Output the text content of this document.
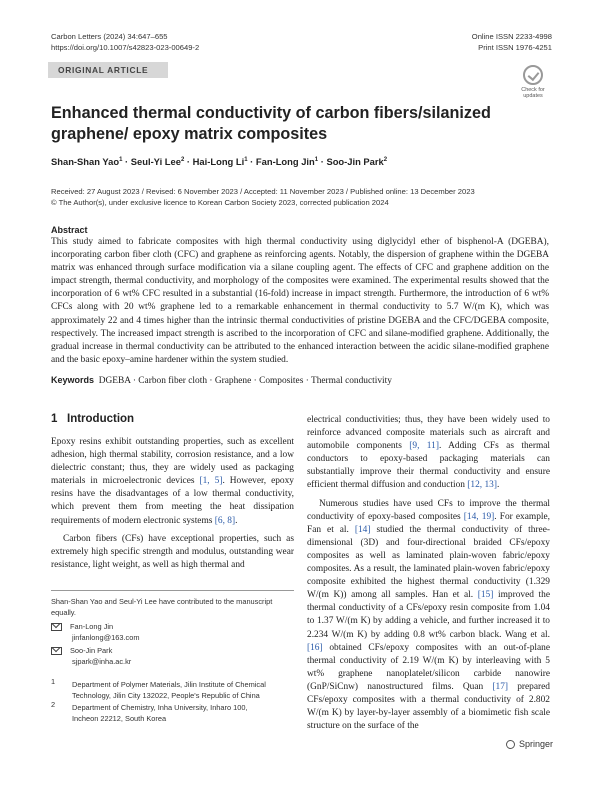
Carbon Letters (2024) 34:647–655
https://doi.org/10.1007/s42823-023-00649-2
Online ISSN 2233-4998
Print ISSN 1976-4251
ORIGINAL ARTICLE
Check for
updates
Enhanced thermal conductivity of carbon fibers/silanized graphene/ epoxy matrix composites
Shan-Shan Yao$^1$ · Seul-Yi Lee$^2$ · Hai-Long $Li^1$ · Fan-Long Jin$^1$ · Soo-Jin Park$^2$
Received: 27 August 2023 / Revised: 6 November 2023 / Accepted: 11 November 2023 / Published online: 13 December 2023
© The Author(s), under exclusive licence to Korean Carbon Society 2023, corrected publication 2024
Abstract
This study aimed to fabricate composites with high thermal conductivity using diglycidyl ether of bisphenol-A (DGEBA), incorporating carbon fiber cloth (CFC) and graphene as reinforcing agents. Notably, the dispersion of graphene within the DGEBA matrix was enhanced through surface modification via a silane coupling agent. The effects of CFC and graphene addition on the impact strength, thermal conductivity, and morphology of the composites were examined. The experimental results showed that the incorporation of 6 wt% CFC resulted in a substantial (16-fold) increase in impact strength. Furthermore, the introduction of 6 wt% CFCs along with 20 wt% graphene led to a remarkable enhancement in thermal conductivity to 5.7 W/(m K), which was approximately 22 and 4 times higher than the intrinsic thermal conductivities of pristine DGEBA and the CFC/DGEBA composite, respectively. The increased impact strength is ascribed to the incorporation of CFC and silane-modified graphene. Additionally, the gradual increase in thermal conductivity can be attributed to the enhanced interaction between the acidic silane-modified graphene and the basic epoxy–amine hardener within the system studied.
Keywords DGEBA · Carbon fiber cloth · Graphene · Composites · Thermal conductivity
1 Introduction

Epoxy resins exhibit outstanding properties, such as excellent adhesion, high thermal stability, corrosion resistance, and a low dielectric constant; thus, they are widely used as packaging materials in microelectronic devices [1, 5]. However, epoxy resins have the disadvantages of a low thermal conductivity, which prevent them from meeting the heat dissipation requirements of modern electronic systems [6, 8].

Carbon fibers (CFs) have exceptional properties, such as extremely high specific strength and modulus, outstanding wear resistance, light weight, as well as high thermal and

electrical conductivities; thus, they have been widely used to reinforce advanced composite materials such as aircraft and automobile components [9, 11]. Adding CFs as thermal conductors to epoxy-based packaging materials can substantially improve their thermal conductivity and ensure efficient thermal diffusion and conduction [12, 13].

Numerous studies have used CFs to improve the thermal conductivity of epoxy-based composites [14, 19]. For example, Fan et al. [14] studied the thermal conductivity of three-dimensional (3D) and four-directional braided CFs/epoxy composites as well as laminated plain-woven fabric/epoxy composites. As a result, the laminated plain-woven fabric/epoxy composite exhibited the highest thermal conductivity (1.329 W/(m K)) among all samples. Han et al. [15] improved the thermal conductivity of a CFs/epoxy resin composite from 1.04 to 1.37 W/(m K) by adding a vehicle, and further increased it to 2.234 W/(m K) by adding 0.8 wt% carbon black. Wang et al. [16] obtained CFs/epoxy composites with an out-of-plane thermal conductivity of 2.19 W/(m K) by interleaving with 5 wt% graphene nanoplatelet/silicon carbide nanowire (GnP/SiCnw) nanostructured films. Quan [17] prepared CFs/epoxy composites with a thermal conductivity of 2.802 W/(m K) by layer-by-layer assembly of a biomimetic fish scale structure on the surface of the

Shan-Shan Yao and Seul-Yi Lee have contributed to the manuscript equally.
Fan-Long Jin
jinfanlong@163.com
Soo-Jin Park
sjpark@inha.ac.kr
1 Department of Polymer Materials, Jilin Institute of Chemical Technology, Jilin City 132022, People's Republic of China
2 Department of Chemistry, Inha University, Inharo 100, Incheon 22212, South Korea
Springer
